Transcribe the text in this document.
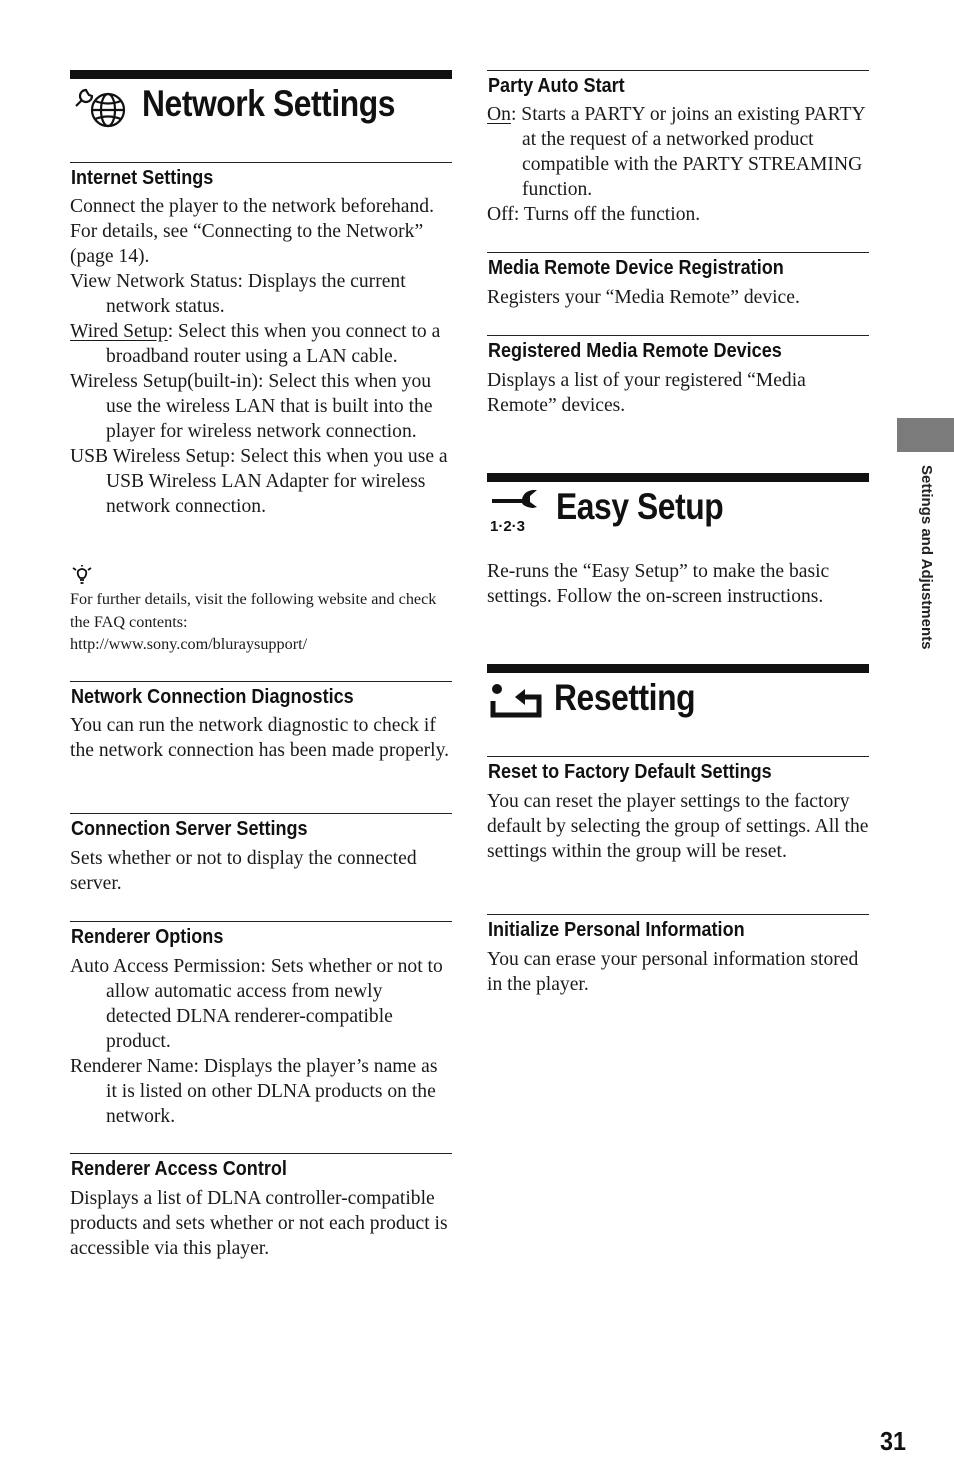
Network Settings
Internet Settings
Connect the player to the network beforehand. For details, see “Connecting to the Network” (page 14).
View Network Status: Displays the current network status.
Wired Setup: Select this when you connect to a broadband router using a LAN cable.
Wireless Setup(built-in): Select this when you use the wireless LAN that is built into the player for wireless network connection.
USB Wireless Setup: Select this when you use a USB Wireless LAN Adapter for wireless network connection.
For further details, visit the following website and check the FAQ contents:
http://www.sony.com/bluraysupport/
Network Connection Diagnostics
You can run the network diagnostic to check if the network connection has been made properly.
Connection Server Settings
Sets whether or not to display the connected server.
Renderer Options
Auto Access Permission: Sets whether or not to allow automatic access from newly detected DLNA renderer-compatible product.
Renderer Name: Displays the player’s name as it is listed on other DLNA products on the network.
Renderer Access Control
Displays a list of DLNA controller-compatible products and sets whether or not each product is accessible via this player.
Party Auto Start
On: Starts a PARTY or joins an existing PARTY at the request of a networked product compatible with the PARTY STREAMING function.
Off: Turns off the function.
Media Remote Device Registration
Registers your “Media Remote” device.
Registered Media Remote Devices
Displays a list of your registered “Media Remote” devices.
1·2·3 Easy Setup
Re-runs the “Easy Setup” to make the basic settings. Follow the on-screen instructions.
Resetting
Reset to Factory Default Settings
You can reset the player settings to the factory default by selecting the group of settings. All the settings within the group will be reset.
Initialize Personal Information
You can erase your personal information stored in the player.
Settings and Adjustments
31
